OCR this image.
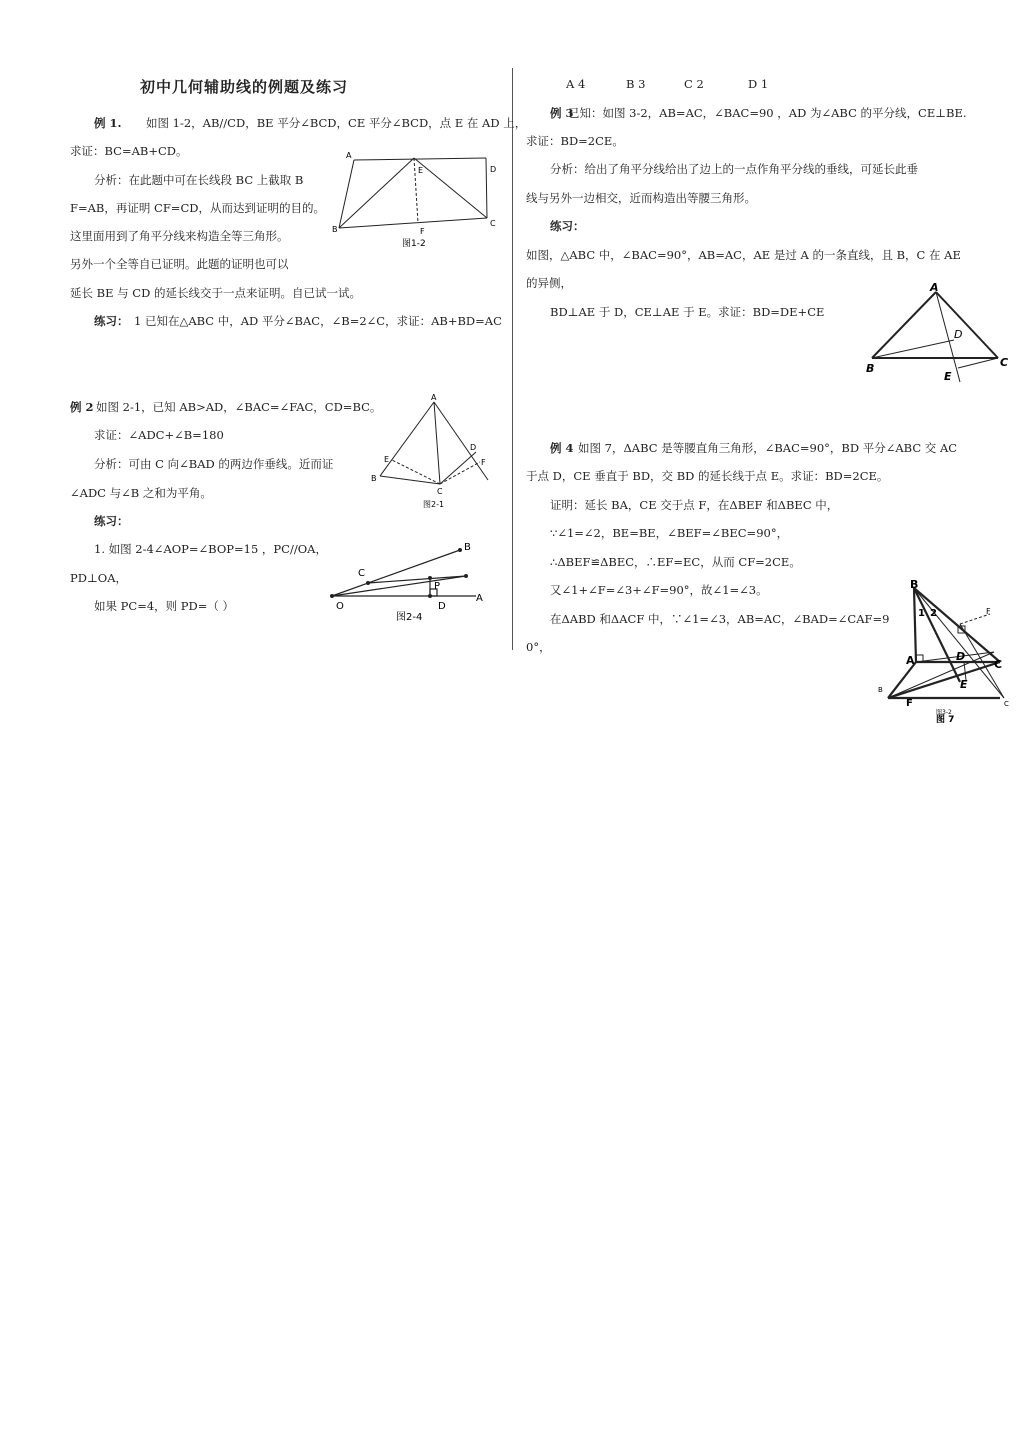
初中几何辅助线的例题及练习
例 1. 如图 1-2，AB//CD，BE 平分∠BCD，CE 平分∠BCD，点 E 在 AD 上，
求证：BC=AB+CD。
分析：在此题中可在长线段 BC 上截取 B
F=AB，再证明 CF=CD，从而达到证明的目的。
这里面用到了角平分线来构造全等三角形。
另外一个全等自已证明。此题的证明也可以
延长 BE 与 CD 的延长线交于一点来证明。自已试一试。
练习： 1 已知在△ABC 中，AD 平分∠BAC，∠B=2∠C，求证：AB+BD=AC
A
E	D
B	F
C
图1-2
例 2 如图 2-1，已知 AB>AD，∠BAC=∠FAC，CD=BC。
求证：∠ADC+∠B=180
分析：可由 C 向∠BAD 的两边作垂线。近而证
∠ADC 与∠B 之和为平角。
练习：
1. 如图 2-4∠AOP=∠BOP=15 ，PC//OA，
PD⊥OA，
如果 PC=4，则 PD=（ ）
A
E
D
F
B
C
图2-1
B
C
P
O	D
A
图2-4
A 4	B 3	C 2	D 1
例 3
已知：如图 3-2，AB=AC，∠BAC=90 ，AD 为∠ABC 的平分线，CE⊥BE.
求证：BD=2CE。
分析：给出了角平分线给出了边上的一点作角平分线的垂线，可延长此垂
线与另外一边相交，近而构造出等腰三角形。
练习：
如图，△ABC 中，∠BAC=90°，AB=AC，AE 是过 A 的一条直线，且 B，C 在 AE
的异侧，
BD⊥AE 于 D，CE⊥AE 于 E。求证：BD=DE+CE
A
D
B
E
C
例 4 如图 7，ΔABC 是等腰直角三角形，∠BAC=90°，BD 平分∠ABC 交 AC
于点 D，CE 垂直于 BD，交 BD 的延长线于点 E。求证：BD=2CE。
证明：延长 BA，CE 交于点 F，在ΔBEF 和ΔBEC 中，
∵∠1=∠2，BE=BE，∠BEF=∠BEC=90°，
∴ΔBEF≌ΔBEC，∴EF=EC，从而 CF=2CE。
又∠1+∠F=∠3+∠F=90°，故∠1=∠3。
在ΔABD 和ΔACF 中，∵∠1=∠3，AB=AC，∠BAD=∠CAF=9
0°，
B
1 2	F
A	D
C
E
B
F	C
图3-2
图 7
